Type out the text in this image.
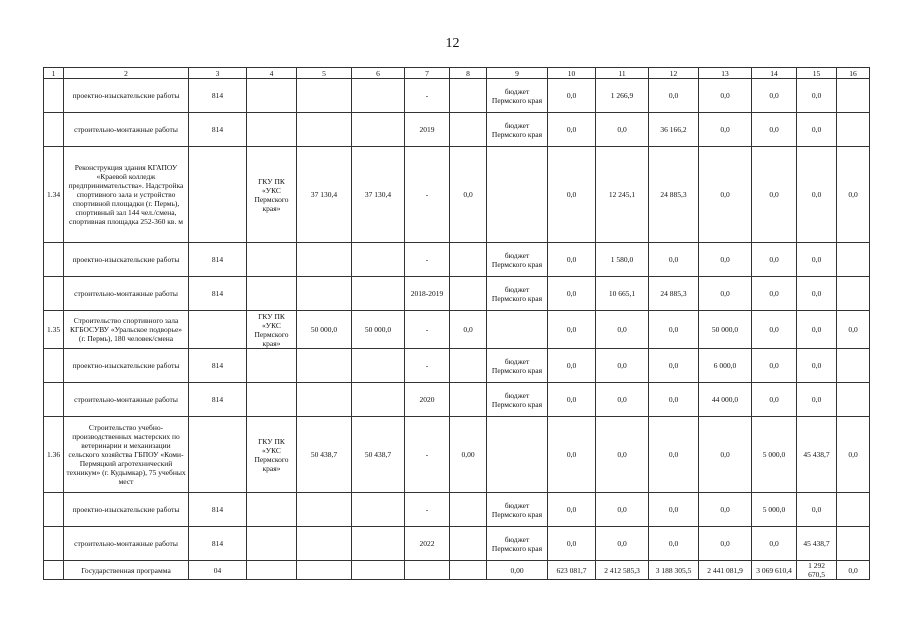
12
1	2	3	4	5	6	7	8	9	10	11	12	13	14	15	16
	проектно-изыскательские работы	814				-		бюджет Пермского края	0,0	1 266,9	0,0	0,0	0,0	0,0	
	строительно-монтажные работы	814				2019		бюджет Пермского края	0,0	0,0	36 166,2	0,0	0,0	0,0	
1.34	Реконструкция здания КГАПОУ «Краевой колледж предпринимательства». Надстройка спортивного зала и устройство спортивной площадки (г. Пермь), спортивный зал 144 чел./смена, спортивная площадка 252-360 кв. м		ГКУ ПК «УКС Пермского края»	37 130,4	37 130,4	-	0,0		0,0	12 245,1	24 885,3	0,0	0,0	0,0	0,0
	проектно-изыскательские работы	814				-		бюджет Пермского края	0,0	1 580,0	0,0	0,0	0,0	0,0	
	строительно-монтажные работы	814				2018-2019		бюджет Пермского края	0,0	10 665,1	24 885,3	0,0	0,0	0,0	
1.35	Строительство спортивного зала КГБОСУВУ «Уральское подворье» (г. Пермь), 180 человек/смена		ГКУ ПК «УКС Пермского края»	50 000,0	50 000,0	-	0,0		0,0	0,0	0,0	50 000,0	0,0	0,0	0,0
	проектно-изыскательские работы	814				-		бюджет Пермского края	0,0	0,0	0,0	6 000,0	0,0	0,0	
	строительно-монтажные работы	814				2020		бюджет Пермского края	0,0	0,0	0,0	44 000,0	0,0	0,0	
1.36	Строительство учебно-производственных мастерских по ветеринарии и механизации сельского хозяйства ГБПОУ «Коми-Пермяцкий агротехнический техникум» (г. Кудымкар), 75 учебных мест		ГКУ ПК «УКС Пермского края»	50 438,7	50 438,7	-	0,00		0,0	0,0	0,0	0,0	5 000,0	45 438,7	0,0
	проектно-изыскательские работы	814				-		бюджет Пермского края	0,0	0,0	0,0	0,0	5 000,0	0,0	
	строительно-монтажные работы	814				2022		бюджет Пермского края	0,0	0,0	0,0	0,0	0,0	45 438,7	
	Государственная программа	04						0,00	623 081,7	2 412 585,3	3 188 305,5	2 441 081,9	3 069 610,4	1 292 670,5	0,0
